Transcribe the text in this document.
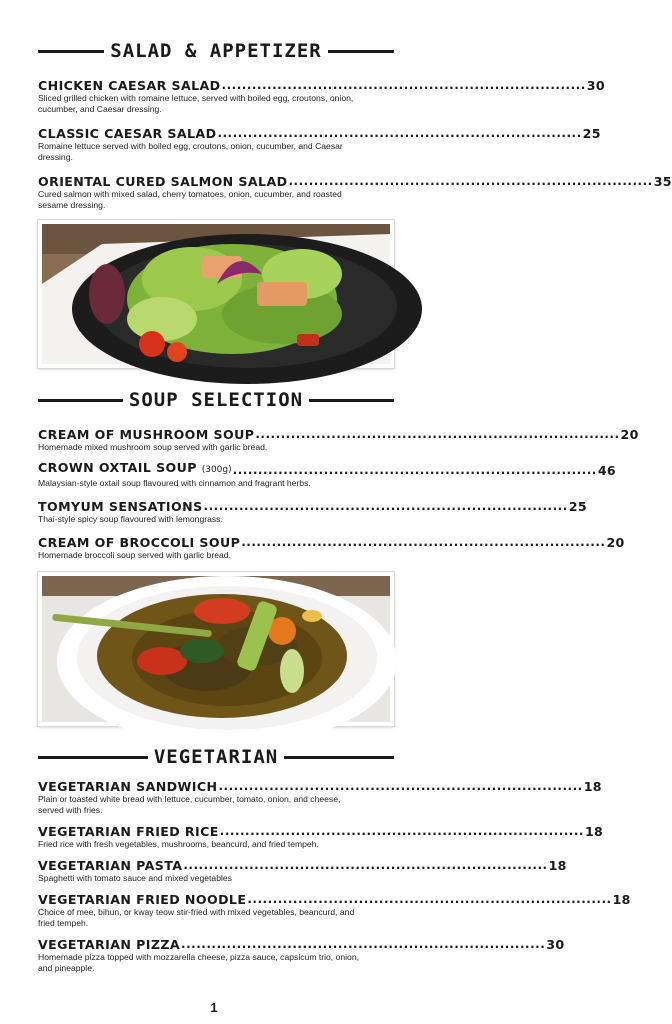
SALAD & APPETIZER
CHICKEN CAESAR SALAD ........................................................................ 30
Sliced grilled chicken with romaine lettuce, served with boiled egg, croutons, onion, cucumber, and Caesar dressing.
CLASSIC CAESAR SALAD ........................................................................ 25
Romaine lettuce served with boiled egg, croutons, onion, cucumber, and Caesar dressing.
ORIENTAL CURED SALMON SALAD ........................................................................ 35
Cured salmon with mixed salad, cherry tomatoes, onion, cucumber, and roasted sesame dressing.
SOUP SELECTION
CREAM OF MUSHROOM SOUP ........................................................................ 20
Homemade mixed mushroom soup served with garlic bread.
CROWN OXTAIL SOUP (300g) ........................................................................ 46
Malaysian-style oxtail soup flavoured with cinnamon and fragrant herbs.
TOMYUM SENSATIONS ........................................................................ 25
Thai-style spicy soup flavoured with lemongrass.
CREAM OF BROCCOLI SOUP ........................................................................ 20
Homemade broccoli soup served with garlic bread.
VEGETARIAN
VEGETARIAN SANDWICH ........................................................................ 18
Plain or toasted white bread with lettuce, cucumber, tomato, onion, and cheese, served with fries.
VEGETARIAN FRIED RICE ........................................................................ 18
Fried rice with fresh vegetables, mushrooms, beancurd, and fried tempeh.
VEGETARIAN PASTA ........................................................................ 18
Spaghetti with tomato sauce and mixed vegetables
VEGETARIAN FRIED NOODLE ........................................................................ 18
Choice of mee, bihun, or kway teow stir-fried with mixed vegetables, beancurd, and fried tempeh.
VEGETARIAN PIZZA ........................................................................ 30
Homemade pizza topped with mozzarella cheese, pizza sauce, capsicum trio, onion, and pineapple.
1
